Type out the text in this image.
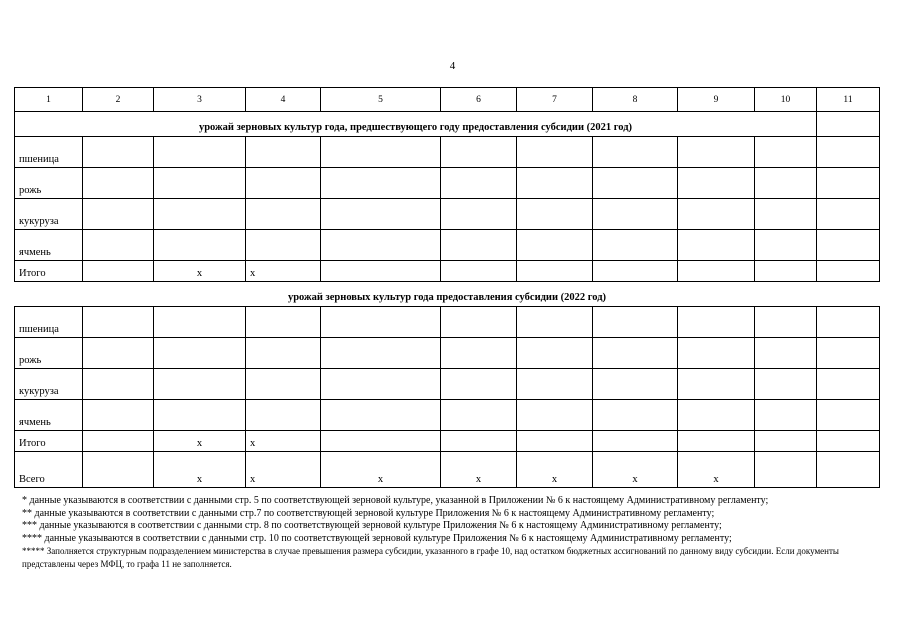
4
1	2	3	4	5	6	7	8	9	10	11
урожай зерновых культур года, предшествующего году предоставления субсидии (2021 год)										
пшеница										
рожь										
кукуруза										
ячмень										
Итого		x	x							
урожай зерновых культур года предоставления субсидии (2022 год)										
пшеница										
рожь										
кукуруза										
ячмень										
Итого		x	x							
Всего		x	x	x	x	x	x	x		

* данные указываются в соответствии с данными стр. 5 по соответствующей зерновой культуре, указанной в Приложении № 6 к настоящему Административному регламенту;

** данные указываются в соответствии с данными стр.7 по соответствующей зерновой культуре Приложения № 6 к настоящему Административному регламенту;

*** данные указываются в соответствии с данными стр. 8 по соответствующей зерновой культуре Приложения № 6 к настоящему Административному регламенту;

**** данные указываются в соответствии с данными стр. 10 по соответствующей зерновой культуре Приложения № 6 к настоящему Административному регламенту;

***** Заполняется структурным подразделением министерства в случае превышения размера субсидии, указанного в графе 10, над остатком бюджетных ассигнований по данному виду субсидии. Если документы представлены через МФЦ, то графа 11 не заполняется.
